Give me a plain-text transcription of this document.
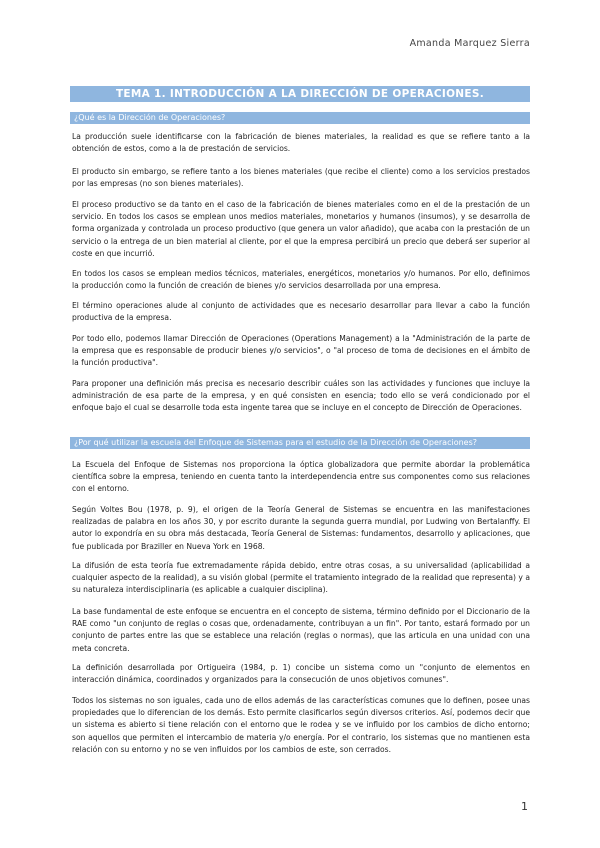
Amanda Marquez Sierra
TEMA 1. INTRODUCCIÓN A LA DIRECCIÓN DE OPERACIONES.
¿Qué es la Dirección de Operaciones?

La producción suele identificarse con la fabricación de bienes materiales, la realidad es que se refiere tanto a la obtención de estos, como a la de prestación de servicios.

El producto sin embargo, se refiere tanto a los bienes materiales (que recibe el cliente) como a los servicios prestados por las empresas (no son bienes materiales).

El proceso productivo se da tanto en el caso de la fabricación de bienes materiales como en el de la prestación de un servicio. En todos los casos se emplean unos medios materiales, monetarios y humanos (insumos), y se desarrolla de forma organizada y controlada un proceso productivo (que genera un valor añadido), que acaba con la prestación de un servicio o la entrega de un bien material al cliente, por el que la empresa percibirá un precio que deberá ser superior al coste en que incurrió.

En todos los casos se emplean medios técnicos, materiales, energéticos, monetarios y/o humanos. Por ello, definimos la producción como la función de creación de bienes y/o servicios desarrollada por una empresa.

El término operaciones alude al conjunto de actividades que es necesario desarrollar para llevar a cabo la función productiva de la empresa.

Por todo ello, podemos llamar Dirección de Operaciones (Operations Management) a la "Administración de la parte de la empresa que es responsable de producir bienes y/o servicios", o "al proceso de toma de decisiones en el ámbito de la función productiva".

Para proponer una definición más precisa es necesario describir cuáles son las actividades y funciones que incluye la administración de esa parte de la empresa, y en qué consisten en esencia; todo ello se verá condicionado por el enfoque bajo el cual se desarrolle toda esta ingente tarea que se incluye en el concepto de Dirección de Operaciones.

¿Por qué utilizar la escuela del Enfoque de Sistemas para el estudio de la Dirección de Operaciones?

La Escuela del Enfoque de Sistemas nos proporciona la óptica globalizadora que permite abordar la problemática científica sobre la empresa, teniendo en cuenta tanto la interdependencia entre sus componentes como sus relaciones con el entorno.

Según Voltes Bou (1978, p. 9), el origen de la Teoría General de Sistemas se encuentra en las manifestaciones realizadas de palabra en los años 30, y por escrito durante la segunda guerra mundial, por Ludwing von Bertalanffy. El autor lo expondría en su obra más destacada, Teoría General de Sistemas: fundamentos, desarrollo y aplicaciones, que fue publicada por Braziller en Nueva York en 1968.

La difusión de esta teoría fue extremadamente rápida debido, entre otras cosas, a su universalidad (aplicabilidad a cualquier aspecto de la realidad), a su visión global (permite el tratamiento integrado de la realidad que representa) y a su naturaleza interdisciplinaria (es aplicable a cualquier disciplina).

La base fundamental de este enfoque se encuentra en el concepto de sistema, término definido por el Diccionario de la RAE como "un conjunto de reglas o cosas que, ordenadamente, contribuyan a un fin". Por tanto, estará formado por un conjunto de partes entre las que se establece una relación (reglas o normas), que las articula en una unidad con una meta concreta.

La definición desarrollada por Ortigueira (1984, p. 1) concibe un sistema como un "conjunto de elementos en interacción dinámica, coordinados y organizados para la consecución de unos objetivos comunes".

Todos los sistemas no son iguales, cada uno de ellos además de las características comunes que lo definen, posee unas propiedades que lo diferencian de los demás. Esto permite clasificarlos según diversos criterios. Así, podemos decir que un sistema es abierto si tiene relación con el entorno que le rodea y se ve influido por los cambios de dicho entorno; son aquellos que permiten el intercambio de materia y/o energía. Por el contrario, los sistemas que no mantienen esta relación con su entorno y no se ven influidos por los cambios de este, son cerrados.

1
